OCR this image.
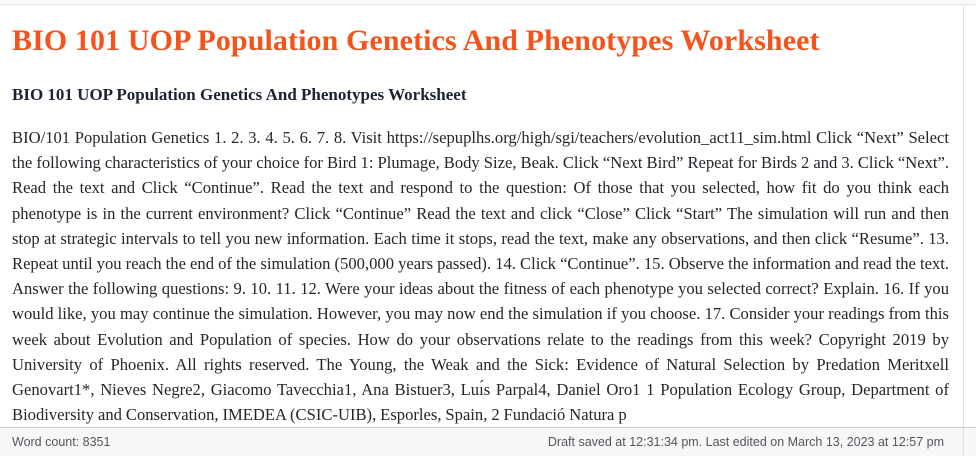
BIO 101 UOP Population Genetics And Phenotypes Worksheet
BIO 101 UOP Population Genetics And Phenotypes Worksheet

BIO/101 Population Genetics 1. 2. 3. 4. 5. 6. 7. 8. Visit https://sepuplhs.org/high/sgi/teachers/evolution_act11_sim.html Click “Next” Select the following characteristics of your choice for Bird 1: Plumage, Body Size, Beak. Click “Next Bird” Repeat for Birds 2 and 3. Click “Next”. Read the text and Click “Continue”. Read the text and respond to the question: Of those that you selected, how fit do you think each phenotype is in the current environment? Click “Continue” Read the text and click “Close” Click “Start” The simulation will run and then stop at strategic intervals to tell you new information. Each time it stops, read the text, make any observations, and then click “Resume”. 13. Repeat until you reach the end of the simulation (500,000 years passed). 14. Click “Continue”. 15. Observe the information and read the text. Answer the following questions: 9. 10. 11. 12. Were your ideas about the fitness of each phenotype you selected correct? Explain. 16. If you would like, you may continue the simulation. However, you may now end the simulation if you choose. 17. Consider your readings from this week about Evolution and Population of species. How do your observations relate to the readings from this week? Copyright 2019 by University of Phoenix. All rights reserved. The Young, the Weak and the Sick: Evidence of Natural Selection by Predation Meritxell Genovart1*, Nieves Negre2, Giacomo Tavecchia1, Ana Bistuer3, Luı́s Parpal4, Daniel Oro1 1 Population Ecology Group, Department of Biodiversity and Conservation, IMEDEA (CSIC-UIB), Esporles, Spain, 2 Fundació Natura p

Word count: 8351	Draft saved at 12:31:34 pm. Last edited on March 13, 2023 at 12:57 pm
